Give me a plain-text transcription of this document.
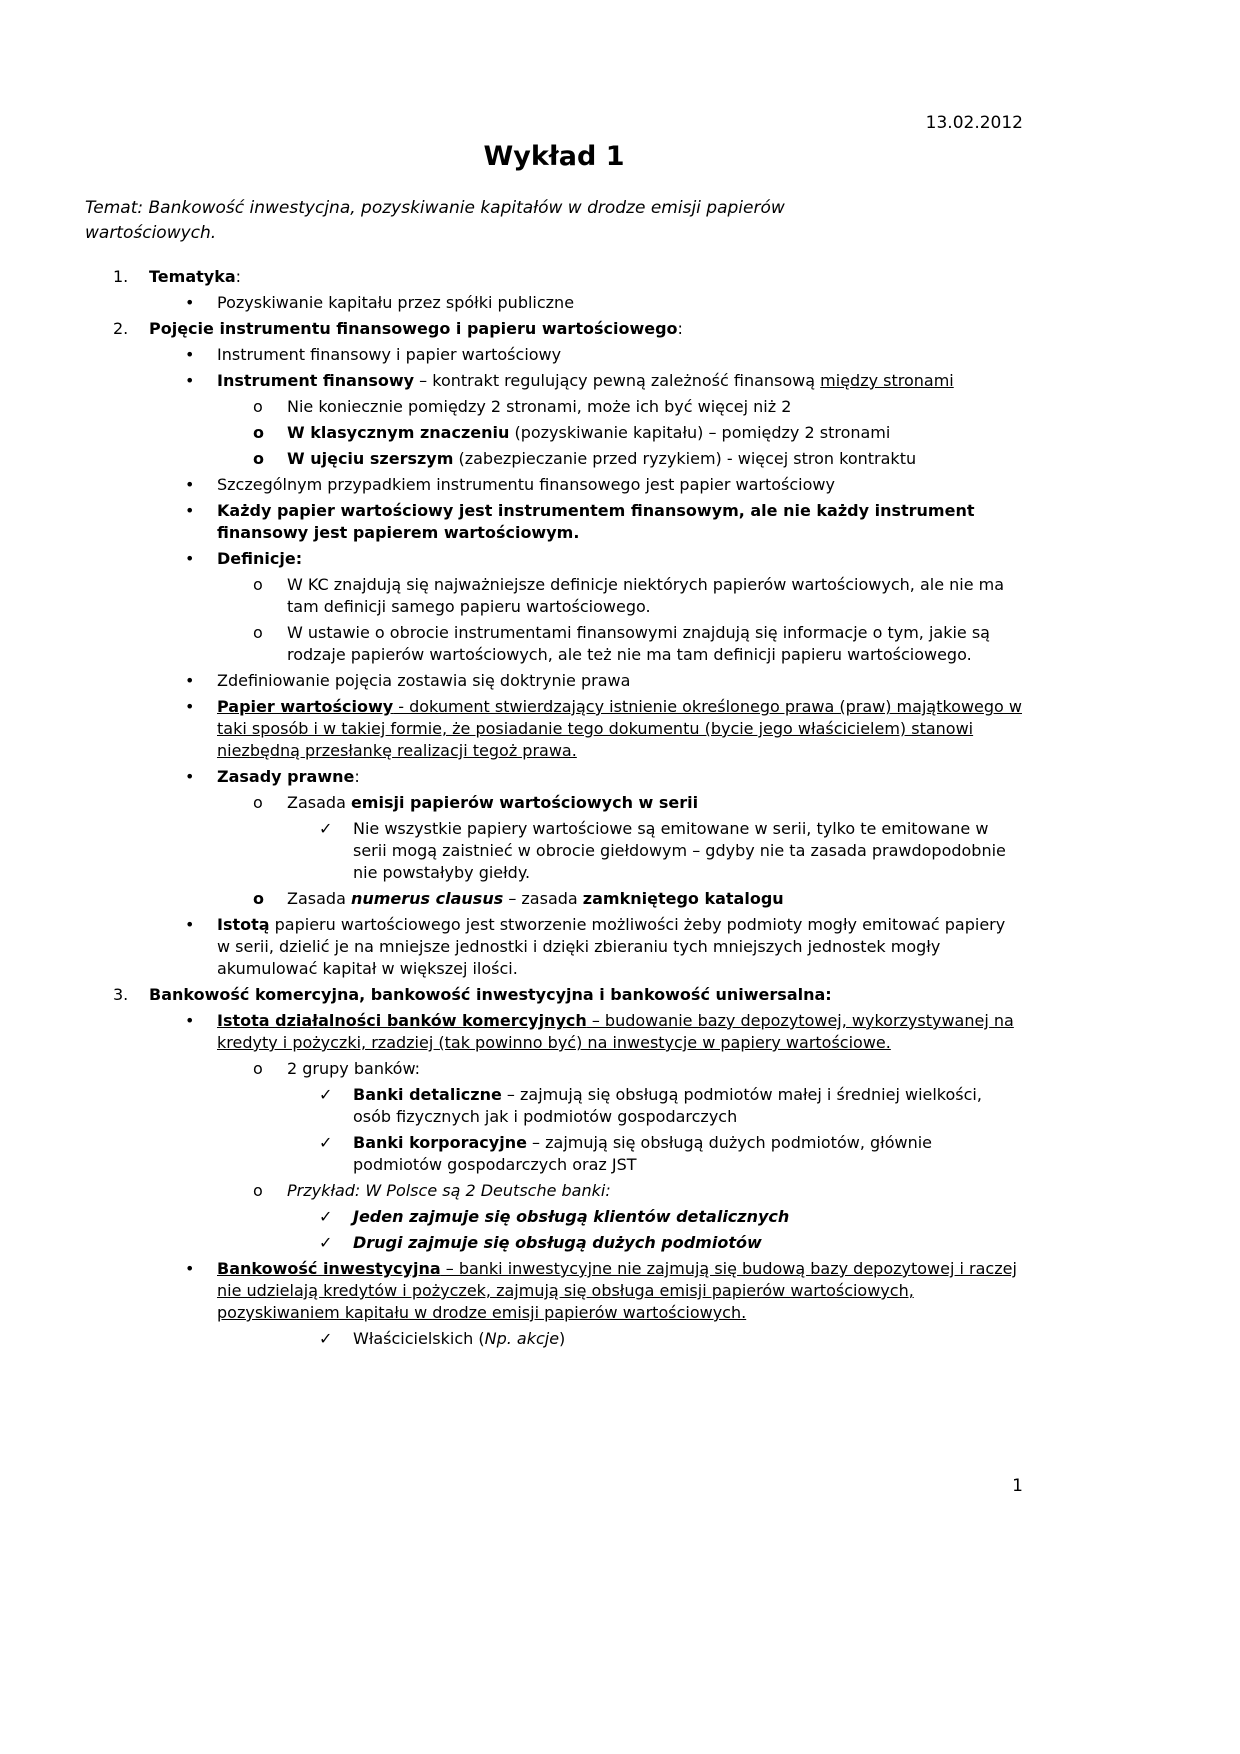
13.02.2012
Wykład 1

Temat: Bankowość inwestycjna, pozyskiwanie kapitałów w drodze emisji papierów wartościowych.

1. Tematyka:
• Pozyskiwanie kapitału przez spółki publiczne
2. Pojęcie instrumentu finansowego i papieru wartościowego:
• Instrument finansowy i papier wartościowy
• Instrument finansowy – kontrakt regulujący pewną zależność finansową między stronami
o Nie koniecznie pomiędzy 2 stronami, może ich być więcej niż 2
o W klasycznym znaczeniu (pozyskiwanie kapitału) – pomiędzy 2 stronami
o W ujęciu szerszym (zabezpieczanie przed ryzykiem) - więcej stron kontraktu
• Szczególnym przypadkiem instrumentu finansowego jest papier wartościowy
• Każdy papier wartościowy jest instrumentem finansowym, ale nie każdy instrument finansowy jest papierem wartościowym.
• Definicje:
o W KC znajdują się najważniejsze definicje niektórych papierów wartościowych, ale nie ma tam definicji samego papieru wartościowego.
o W ustawie o obrocie instrumentami finansowymi znajdują się informacje o tym, jakie są rodzaje papierów wartościowych, ale też nie ma tam definicji papieru wartościowego.
• Zdefiniowanie pojęcia zostawia się doktrynie prawa
• Papier wartościowy - dokument stwierdzający istnienie określonego prawa (praw) majątkowego w taki sposób i w takiej formie, że posiadanie tego dokumentu (bycie jego właścicielem) stanowi niezbędną przesłankę realizacji tegoż prawa.
• Zasady prawne:
o Zasada emisji papierów wartościowych w serii
✓ Nie wszystkie papiery wartościowe są emitowane w serii, tylko te emitowane w serii mogą zaistnieć w obrocie giełdowym – gdyby nie ta zasada prawdopodobnie nie powstałyby giełdy.
o Zasada numerus clausus – zasada zamkniętego katalogu
• Istotą papieru wartościowego jest stworzenie możliwości żeby podmioty mogły emitować papiery w serii, dzielić je na mniejsze jednostki i dzięki zbieraniu tych mniejszych jednostek mogły akumulować kapitał w większej ilości.
3. Bankowość komercyjna, bankowość inwestycyjna i bankowość uniwersalna:
• Istota działalności banków komercyjnych – budowanie bazy depozytowej, wykorzystywanej na kredyty i pożyczki, rzadziej (tak powinno być) na inwestycje w papiery wartościowe.
o 2 grupy banków:
✓ Banki detaliczne – zajmują się obsługą podmiotów małej i średniej wielkości, osób fizycznych jak i podmiotów gospodarczych
✓ Banki korporacyjne – zajmują się obsługą dużych podmiotów, głównie podmiotów gospodarczych oraz JST
o Przykład: W Polsce są 2 Deutsche banki:
✓ Jeden zajmuje się obsługą klientów detalicznych
✓ Drugi zajmuje się obsługą dużych podmiotów
• Bankowość inwestycyjna – banki inwestycyjne nie zajmują się budową bazy depozytowej i raczej nie udzielają kredytów i pożyczek, zajmują się obsługa emisji papierów wartościowych, pozyskiwaniem kapitału w drodze emisji papierów wartościowych.
✓ Właścicielskich (Np. akcje)
1
